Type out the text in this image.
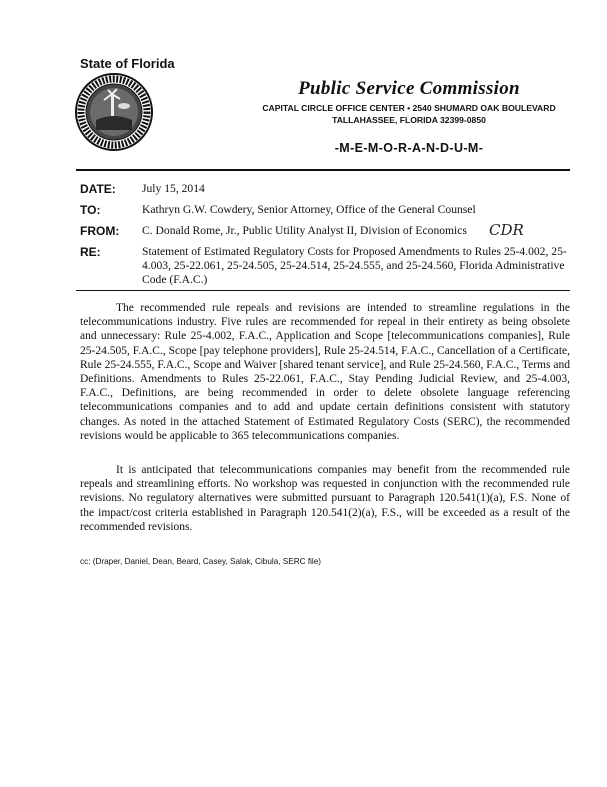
State of Florida
Public Service Commission
CAPITAL CIRCLE OFFICE CENTER • 2540 SHUMARD OAK BOULEVARD
TALLAHASSEE, FLORIDA 32399-0850
-M-E-M-O-R-A-N-D-U-M-
DATE: July 15, 2014
TO:	Kathryn G.W. Cowdery, Senior Attorney, Office of the General Counsel
FROM: C. Donald Rome, Jr., Public Utility Analyst II, Division of Economics	CDR
RE:	Statement of Estimated Regulatory Costs for Proposed Amendments to Rules 25-4.002, 25-4.003, 25-22.061, 25-24.505, 25-24.514, 25-24.555, and 25-24.560, Florida Administrative Code (F.A.C.)
The recommended rule repeals and revisions are intended to streamline regulations in the telecommunications industry. Five rules are recommended for repeal in their entirety as being obsolete and unnecessary: Rule 25-4.002, F.A.C., Application and Scope [telecommunications companies], Rule 25-24.505, F.A.C., Scope [pay telephone providers], Rule 25-24.514, F.A.C., Cancellation of a Certificate, Rule 25-24.555, F.A.C., Scope and Waiver [shared tenant service], and Rule 25-24.560, F.A.C., Terms and Definitions. Amendments to Rules 25-22.061, F.A.C., Stay Pending Judicial Review, and 25-4.003, F.A.C., Definitions, are being recommended in order to delete obsolete language referencing telecommunications companies and to add and update certain definitions consistent with statutory changes. As noted in the attached Statement of Estimated Regulatory Costs (SERC), the recommended revisions would be applicable to 365 telecommunications companies.
It is anticipated that telecommunications companies may benefit from the recommended rule repeals and streamlining efforts. No workshop was requested in conjunction with the recommended rule revisions. No regulatory alternatives were submitted pursuant to Paragraph 120.541(1)(a), F.S. None of the impact/cost criteria established in Paragraph 120.541(2)(a), F.S., will be exceeded as a result of the recommended revisions.
cc: (Draper, Daniel, Dean, Beard, Casey, Salak, Cibula, SERC file)
